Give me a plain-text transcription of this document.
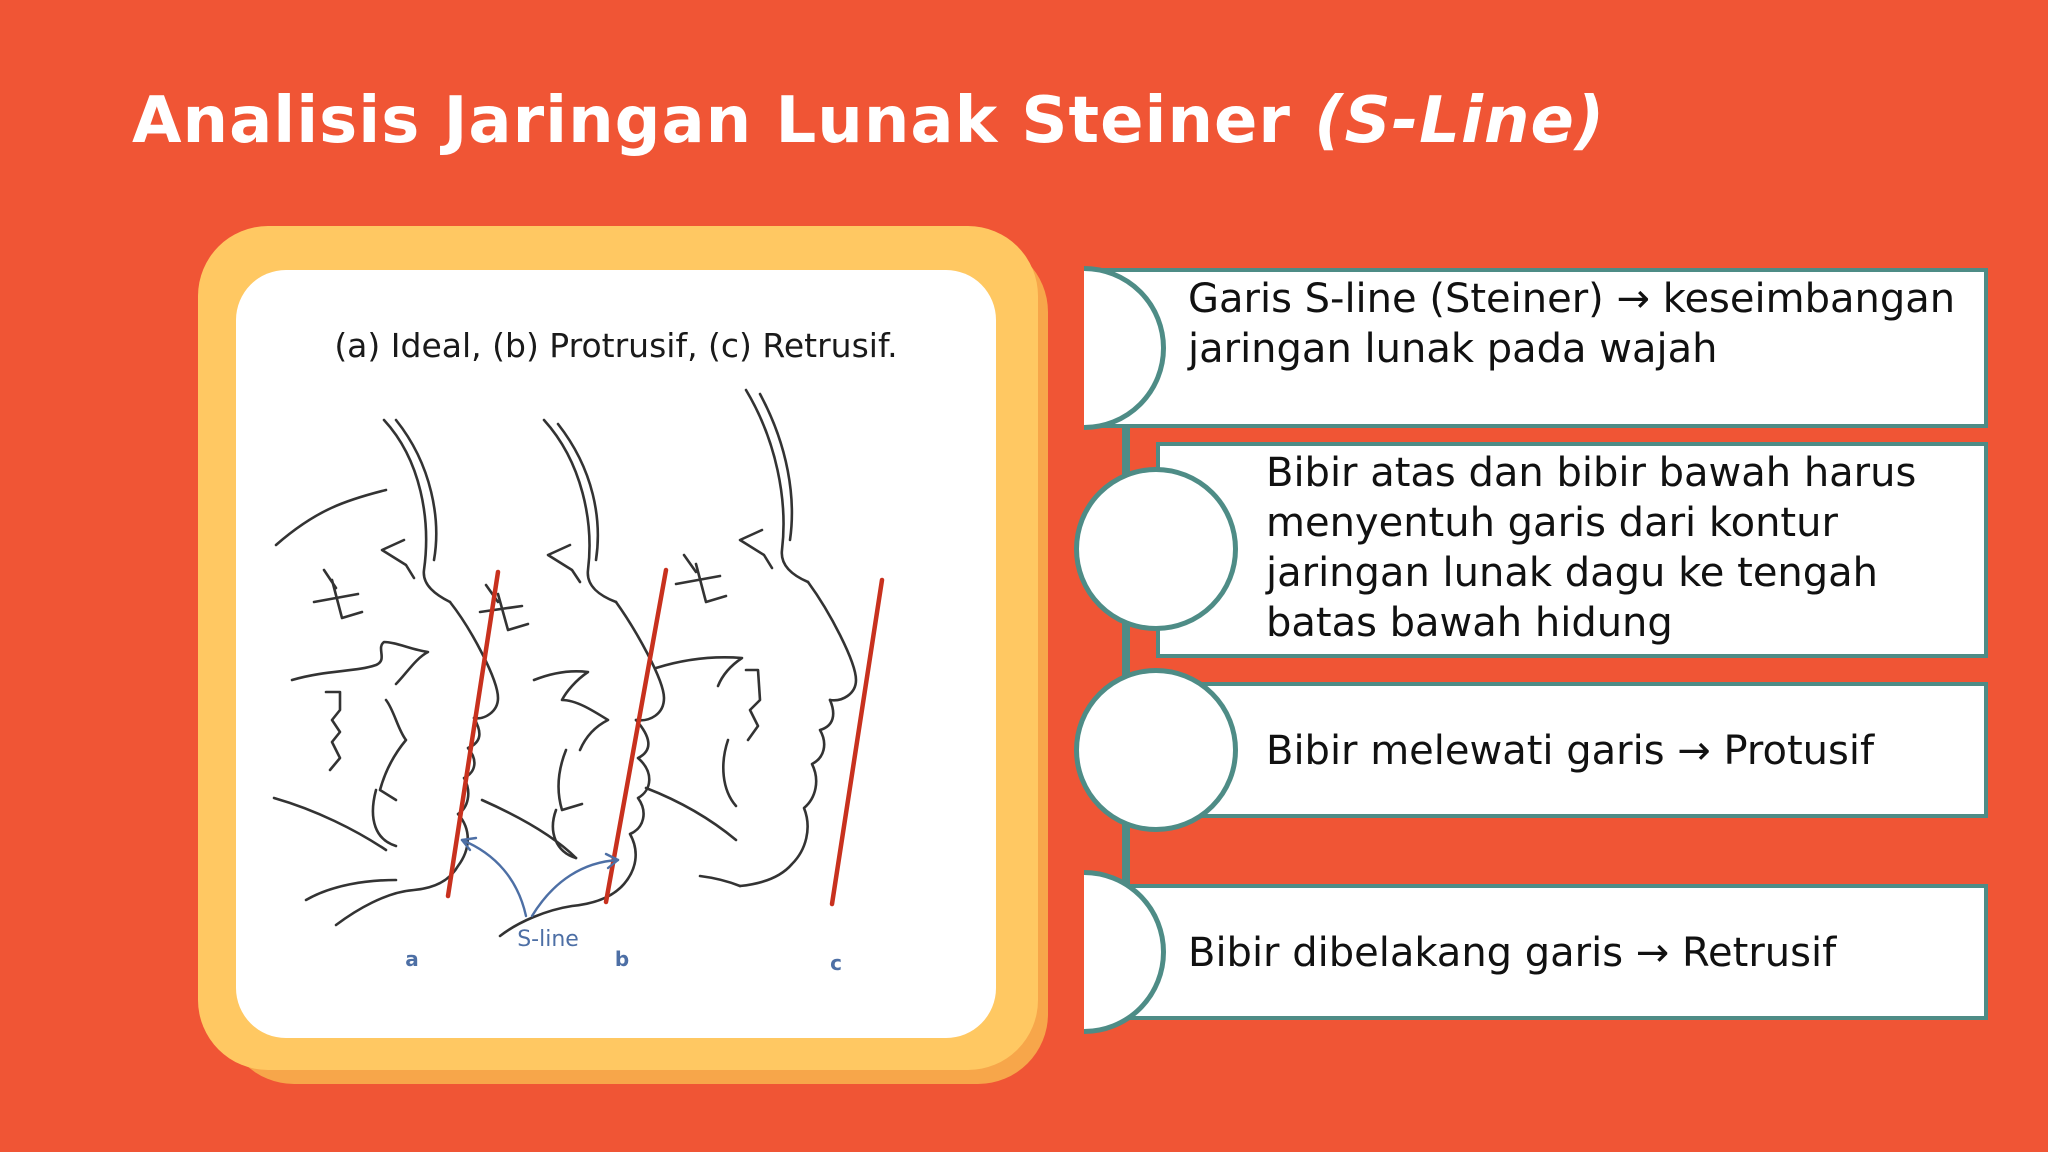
Analisis Jaringan Lunak Steiner (S-Line)
(a) Ideal, (b) Protrusif, (c) Retrusif.
S-line
a	b	c
Garis S-line (Steiner) → keseimbangan jaringan lunak pada wajah
Bibir atas dan bibir bawah harus menyentuh garis dari kontur jaringan lunak dagu ke tengah batas bawah hidung
Bibir melewati garis → Protusif
Bibir dibelakang garis → Retrusif
